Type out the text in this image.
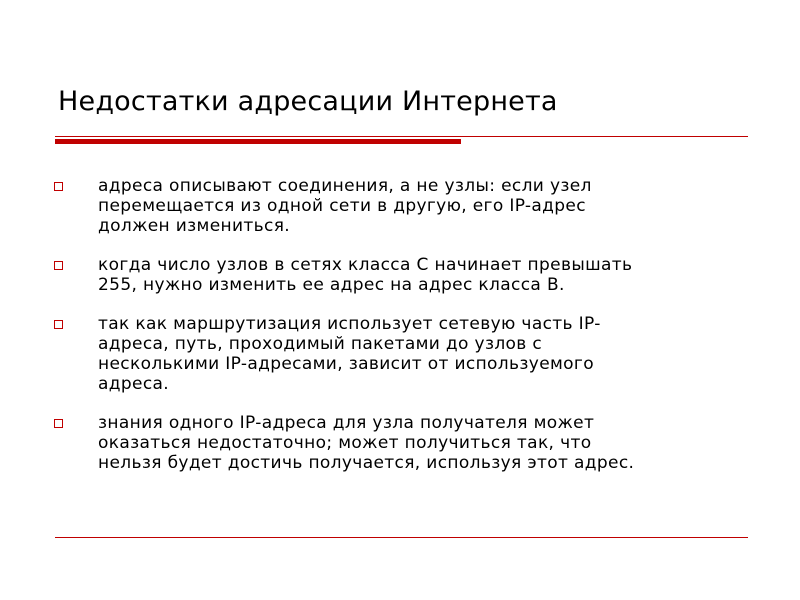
Недостатки адресации Интернета
адреса описывают соединения, а не узлы: если узел
перемещается из одной сети в другую, его IP-адрес
должен измениться.
когда число узлов в сетях класса C начинает превышать
255, нужно изменить ее адрес на адрес класса B.
так как маршрутизация использует сетевую часть IP-
адреса, путь, проходимый пакетами до узлов с
несколькими IP-адресами, зависит от используемого
адреса.
знания одного IP-адреса для узла получателя может
оказаться недостаточно; может получиться так, что
нельзя будет достичь получается, используя этот адрес.
